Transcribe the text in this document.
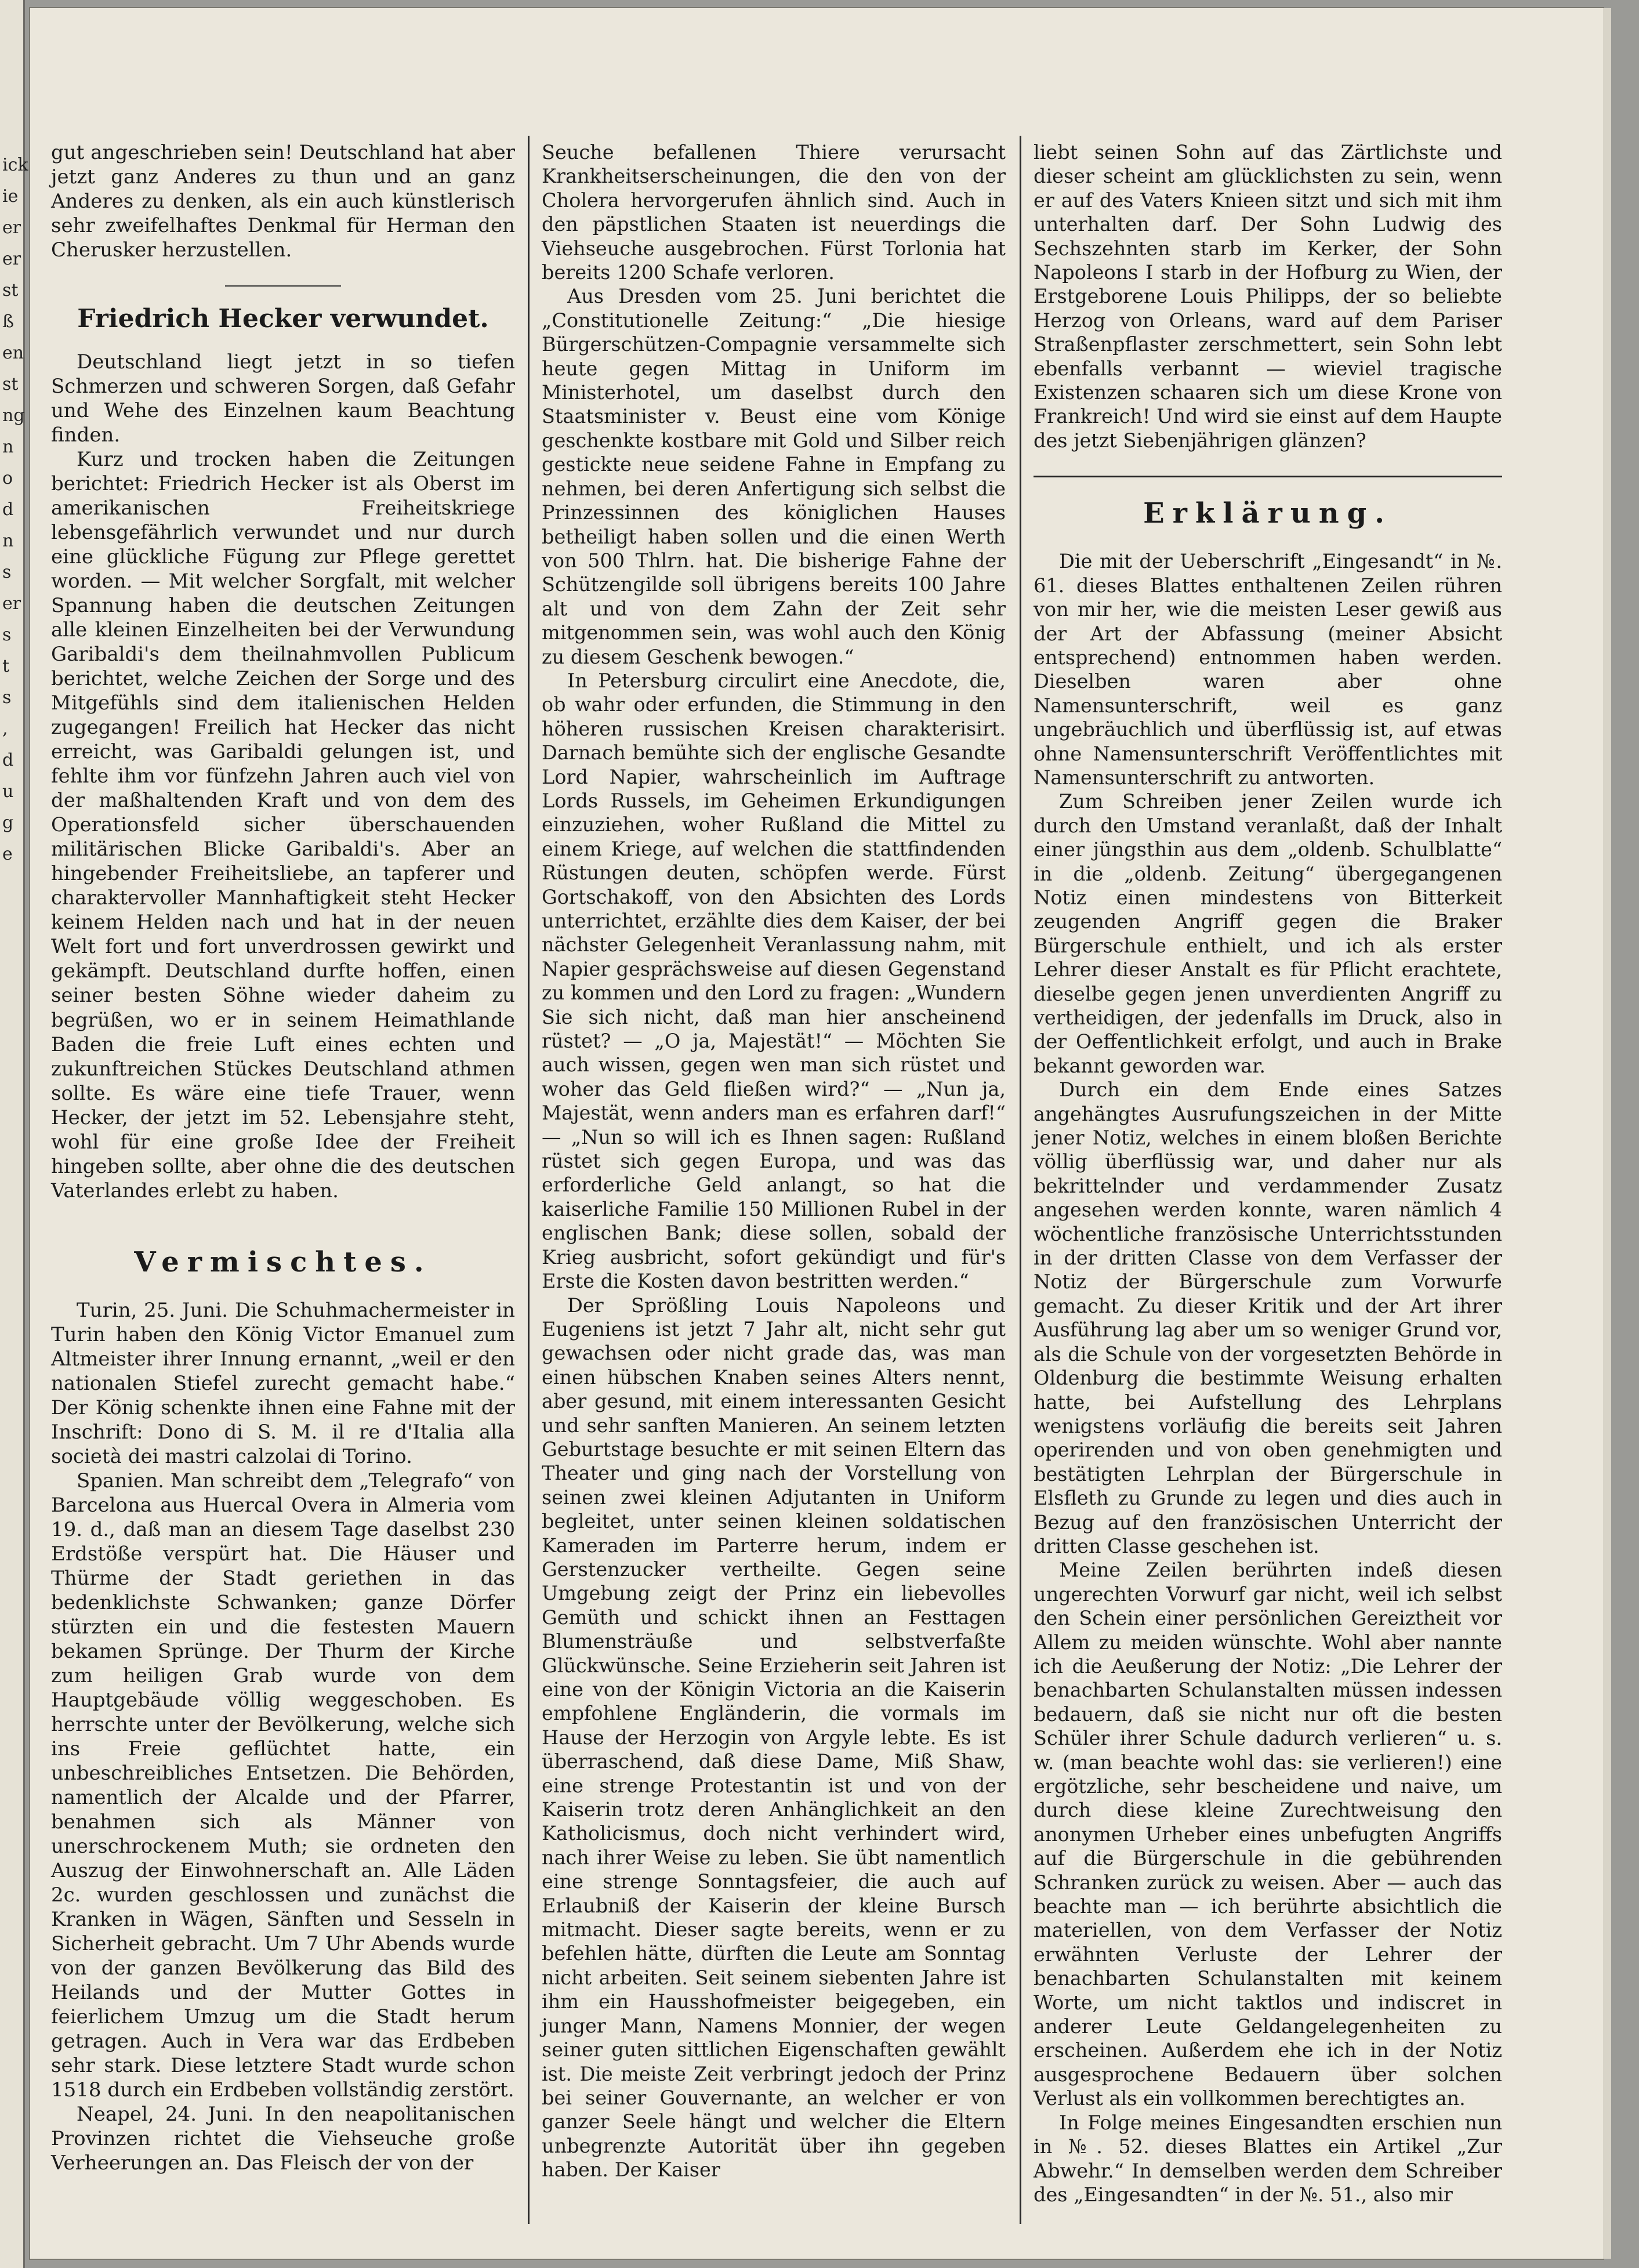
ick
ie
er
er
st
ß
en
st
ng
n
o
d
n
s
er
s
t
s
,
d
u
g
e

gut angeschrieben sein! Deutschland hat aber jetzt ganz Anderes zu thun und an ganz Anderes zu denken, als ein auch künstlerisch sehr zweifelhaftes Denkmal für Herman den Cherusker herzustellen.

Friedrich Hecker verwundet.

Deutschland liegt jetzt in so tiefen Schmerzen und schweren Sorgen, daß Gefahr und Wehe des Einzelnen kaum Beachtung finden.

Kurz und trocken haben die Zeitungen berichtet: Friedrich Hecker ist als Oberst im amerikanischen Freiheitskriege lebensgefährlich verwundet und nur durch eine glückliche Fügung zur Pflege gerettet worden. — Mit welcher Sorgfalt, mit welcher Spannung haben die deutschen Zeitungen alle kleinen Einzelheiten bei der Verwundung Garibaldi's dem theilnahmvollen Publicum berichtet, welche Zeichen der Sorge und des Mitgefühls sind dem italienischen Helden zugegangen! Freilich hat Hecker das nicht erreicht, was Garibaldi gelungen ist, und fehlte ihm vor fünfzehn Jahren auch viel von der maßhaltenden Kraft und von dem des Operationsfeld sicher überschauenden militärischen Blicke Garibaldi's. Aber an hingebender Freiheitsliebe, an tapferer und charaktervoller Mannhaftigkeit steht Hecker keinem Helden nach und hat in der neuen Welt fort und fort unverdrossen gewirkt und gekämpft. Deutschland durfte hoffen, einen seiner besten Söhne wieder daheim zu begrüßen, wo er in seinem Heimathlande Baden die freie Luft eines echten und zukunftreichen Stückes Deutschland athmen sollte. Es wäre eine tiefe Trauer, wenn Hecker, der jetzt im 52. Lebensjahre steht, wohl für eine große Idee der Freiheit hingeben sollte, aber ohne die des deutschen Vaterlandes erlebt zu haben.

Vermischtes.

Turin, 25. Juni. Die Schuhmachermeister in Turin haben den König Victor Emanuel zum Altmeister ihrer Innung ernannt, „weil er den nationalen Stiefel zurecht gemacht habe.“ Der König schenkte ihnen eine Fahne mit der Inschrift: Dono di S. M. il re d'Italia alla società dei mastri calzolai di Torino.

Spanien. Man schreibt dem „Telegrafo“ von Barcelona aus Huercal Overa in Almeria vom 19. d., daß man an diesem Tage daselbst 230 Erdstöße verspürt hat. Die Häuser und Thürme der Stadt geriethen in das bedenklichste Schwanken; ganze Dörfer stürzten ein und die festesten Mauern bekamen Sprünge. Der Thurm der Kirche zum heiligen Grab wurde von dem Hauptgebäude völlig weggeschoben. Es herrschte unter der Bevölkerung, welche sich ins Freie geflüchtet hatte, ein unbeschreibliches Entsetzen. Die Behörden, namentlich der Alcalde und der Pfarrer, benahmen sich als Männer von unerschrockenem Muth; sie ordneten den Auszug der Einwohnerschaft an. Alle Läden 2c. wurden geschlossen und zunächst die Kranken in Wägen, Sänften und Sesseln in Sicherheit gebracht. Um 7 Uhr Abends wurde von der ganzen Bevölkerung das Bild des Heilands und der Mutter Gottes in feierlichem Umzug um die Stadt herum getragen. Auch in Vera war das Erdbeben sehr stark. Diese letztere Stadt wurde schon 1518 durch ein Erdbeben vollständig zerstört.

Neapel, 24. Juni. In den neapolitanischen Provinzen richtet die Viehseuche große Verheerungen an. Das Fleisch der von der

Seuche befallenen Thiere verursacht Krankheitserscheinungen, die den von der Cholera hervorgerufen ähnlich sind. Auch in den päpstlichen Staaten ist neuerdings die Viehseuche ausgebrochen. Fürst Torlonia hat bereits 1200 Schafe verloren.

Aus Dresden vom 25. Juni berichtet die „Constitutionelle Zeitung:“ „Die hiesige Bürgerschützen-Compagnie versammelte sich heute gegen Mittag in Uniform im Ministerhotel, um daselbst durch den Staatsminister v. Beust eine vom Könige geschenkte kostbare mit Gold und Silber reich gestickte neue seidene Fahne in Empfang zu nehmen, bei deren Anfertigung sich selbst die Prinzessinnen des königlichen Hauses betheiligt haben sollen und die einen Werth von 500 Thlrn. hat. Die bisherige Fahne der Schützengilde soll übrigens bereits 100 Jahre alt und von dem Zahn der Zeit sehr mitgenommen sein, was wohl auch den König zu diesem Geschenk bewogen.“

In Petersburg circulirt eine Anecdote, die, ob wahr oder erfunden, die Stimmung in den höheren russischen Kreisen charakterisirt. Darnach bemühte sich der englische Gesandte Lord Napier, wahrscheinlich im Auftrage Lords Russels, im Geheimen Erkundigungen einzuziehen, woher Rußland die Mittel zu einem Kriege, auf welchen die stattfindenden Rüstungen deuten, schöpfen werde. Fürst Gortschakoff, von den Absichten des Lords unterrichtet, erzählte dies dem Kaiser, der bei nächster Gelegenheit Veranlassung nahm, mit Napier gesprächsweise auf diesen Gegenstand zu kommen und den Lord zu fragen: „Wundern Sie sich nicht, daß man hier anscheinend rüstet? — „O ja, Majestät!“ — Möchten Sie auch wissen, gegen wen man sich rüstet und woher das Geld fließen wird?“ — „Nun ja, Majestät, wenn anders man es erfahren darf!“ — „Nun so will ich es Ihnen sagen: Rußland rüstet sich gegen Europa, und was das erforderliche Geld anlangt, so hat die kaiserliche Familie 150 Millionen Rubel in der englischen Bank; diese sollen, sobald der Krieg ausbricht, sofort gekündigt und für's Erste die Kosten davon bestritten werden.“

Der Sprößling Louis Napoleons und Eugeniens ist jetzt 7 Jahr alt, nicht sehr gut gewachsen oder nicht grade das, was man einen hübschen Knaben seines Alters nennt, aber gesund, mit einem interessanten Gesicht und sehr sanften Manieren. An seinem letzten Geburtstage besuchte er mit seinen Eltern das Theater und ging nach der Vorstellung von seinen zwei kleinen Adjutanten in Uniform begleitet, unter seinen kleinen soldatischen Kameraden im Parterre herum, indem er Gerstenzucker vertheilte. Gegen seine Umgebung zeigt der Prinz ein liebevolles Gemüth und schickt ihnen an Festtagen Blumensträuße und selbstverfaßte Glückwünsche. Seine Erzieherin seit Jahren ist eine von der Königin Victoria an die Kaiserin empfohlene Engländerin, die vormals im Hause der Herzogin von Argyle lebte. Es ist überraschend, daß diese Dame, Miß Shaw, eine strenge Protestantin ist und von der Kaiserin trotz deren Anhänglichkeit an den Katholicismus, doch nicht verhindert wird, nach ihrer Weise zu leben. Sie übt namentlich eine strenge Sonntagsfeier, die auch auf Erlaubniß der Kaiserin der kleine Bursch mitmacht. Dieser sagte bereits, wenn er zu befehlen hätte, dürften die Leute am Sonntag nicht arbeiten. Seit seinem siebenten Jahre ist ihm ein Hausshofmeister beigegeben, ein junger Mann, Namens Monnier, der wegen seiner guten sittlichen Eigenschaften gewählt ist. Die meiste Zeit verbringt jedoch der Prinz bei seiner Gouvernante, an welcher er von ganzer Seele hängt und welcher die Eltern unbegrenzte Autorität über ihn gegeben haben. Der Kaiser

liebt seinen Sohn auf das Zärtlichste und dieser scheint am glücklichsten zu sein, wenn er auf des Vaters Knieen sitzt und sich mit ihm unterhalten darf. Der Sohn Ludwig des Sechszehnten starb im Kerker, der Sohn Napoleons I starb in der Hofburg zu Wien, der Erstgeborene Louis Philipps, der so beliebte Herzog von Orleans, ward auf dem Pariser Straßenpflaster zerschmettert, sein Sohn lebt ebenfalls verbannt — wieviel tragische Existenzen schaaren sich um diese Krone von Frankreich! Und wird sie einst auf dem Haupte des jetzt Siebenjährigen glänzen?

Erklärung.

Die mit der Ueberschrift „Eingesandt“ in №. 61. dieses Blattes enthaltenen Zeilen rühren von mir her, wie die meisten Leser gewiß aus der Art der Abfassung (meiner Absicht entsprechend) entnommen haben werden. Dieselben waren aber ohne Namensunterschrift, weil es ganz ungebräuchlich und überflüssig ist, auf etwas ohne Namensunterschrift Veröffentlichtes mit Namensunterschrift zu antworten.

Zum Schreiben jener Zeilen wurde ich durch den Umstand veranlaßt, daß der Inhalt einer jüngsthin aus dem „oldenb. Schulblatte“ in die „oldenb. Zeitung“ übergegangenen Notiz einen mindestens von Bitterkeit zeugenden Angriff gegen die Braker Bürgerschule enthielt, und ich als erster Lehrer dieser Anstalt es für Pflicht erachtete, dieselbe gegen jenen unverdienten Angriff zu vertheidigen, der jedenfalls im Druck, also in der Oeffentlichkeit erfolgt, und auch in Brake bekannt geworden war.

Durch ein dem Ende eines Satzes angehängtes Ausrufungszeichen in der Mitte jener Notiz, welches in einem bloßen Berichte völlig überflüssig war, und daher nur als bekrittelnder und verdammender Zusatz angesehen werden konnte, waren nämlich 4 wöchentliche französische Unterrichtsstunden in der dritten Classe von dem Verfasser der Notiz der Bürgerschule zum Vorwurfe gemacht. Zu dieser Kritik und der Art ihrer Ausführung lag aber um so weniger Grund vor, als die Schule von der vorgesetzten Behörde in Oldenburg die bestimmte Weisung erhalten hatte, bei Aufstellung des Lehrplans wenigstens vorläufig die bereits seit Jahren operirenden und von oben genehmigten und bestätigten Lehrplan der Bürgerschule in Elsfleth zu Grunde zu legen und dies auch in Bezug auf den französischen Unterricht der dritten Classe geschehen ist.

Meine Zeilen berührten indeß diesen ungerechten Vorwurf gar nicht, weil ich selbst den Schein einer persönlichen Gereiztheit vor Allem zu meiden wünschte. Wohl aber nannte ich die Aeußerung der Notiz: „Die Lehrer der benachbarten Schulanstalten müssen indessen bedauern, daß sie nicht nur oft die besten Schüler ihrer Schule dadurch verlieren“ u. s. w. (man beachte wohl das: sie verlieren!) eine ergötzliche, sehr bescheidene und naive, um durch diese kleine Zurechtweisung den anonymen Urheber eines unbefugten Angriffs auf die Bürgerschule in die gebührenden Schranken zurück zu weisen. Aber — auch das beachte man — ich berührte absichtlich die materiellen, von dem Verfasser der Notiz erwähnten Verluste der Lehrer der benachbarten Schulanstalten mit keinem Worte, um nicht taktlos und indiscret in anderer Leute Geldangelegenheiten zu erscheinen. Außerdem ehe ich in der Notiz ausgesprochene Bedauern über solchen Verlust als ein vollkommen berechtigtes an.

In Folge meines Eingesandten erschien nun in №. 52. dieses Blattes ein Artikel „Zur Abwehr.“ In demselben werden dem Schreiber des „Eingesandten“ in der №. 51., also mir
